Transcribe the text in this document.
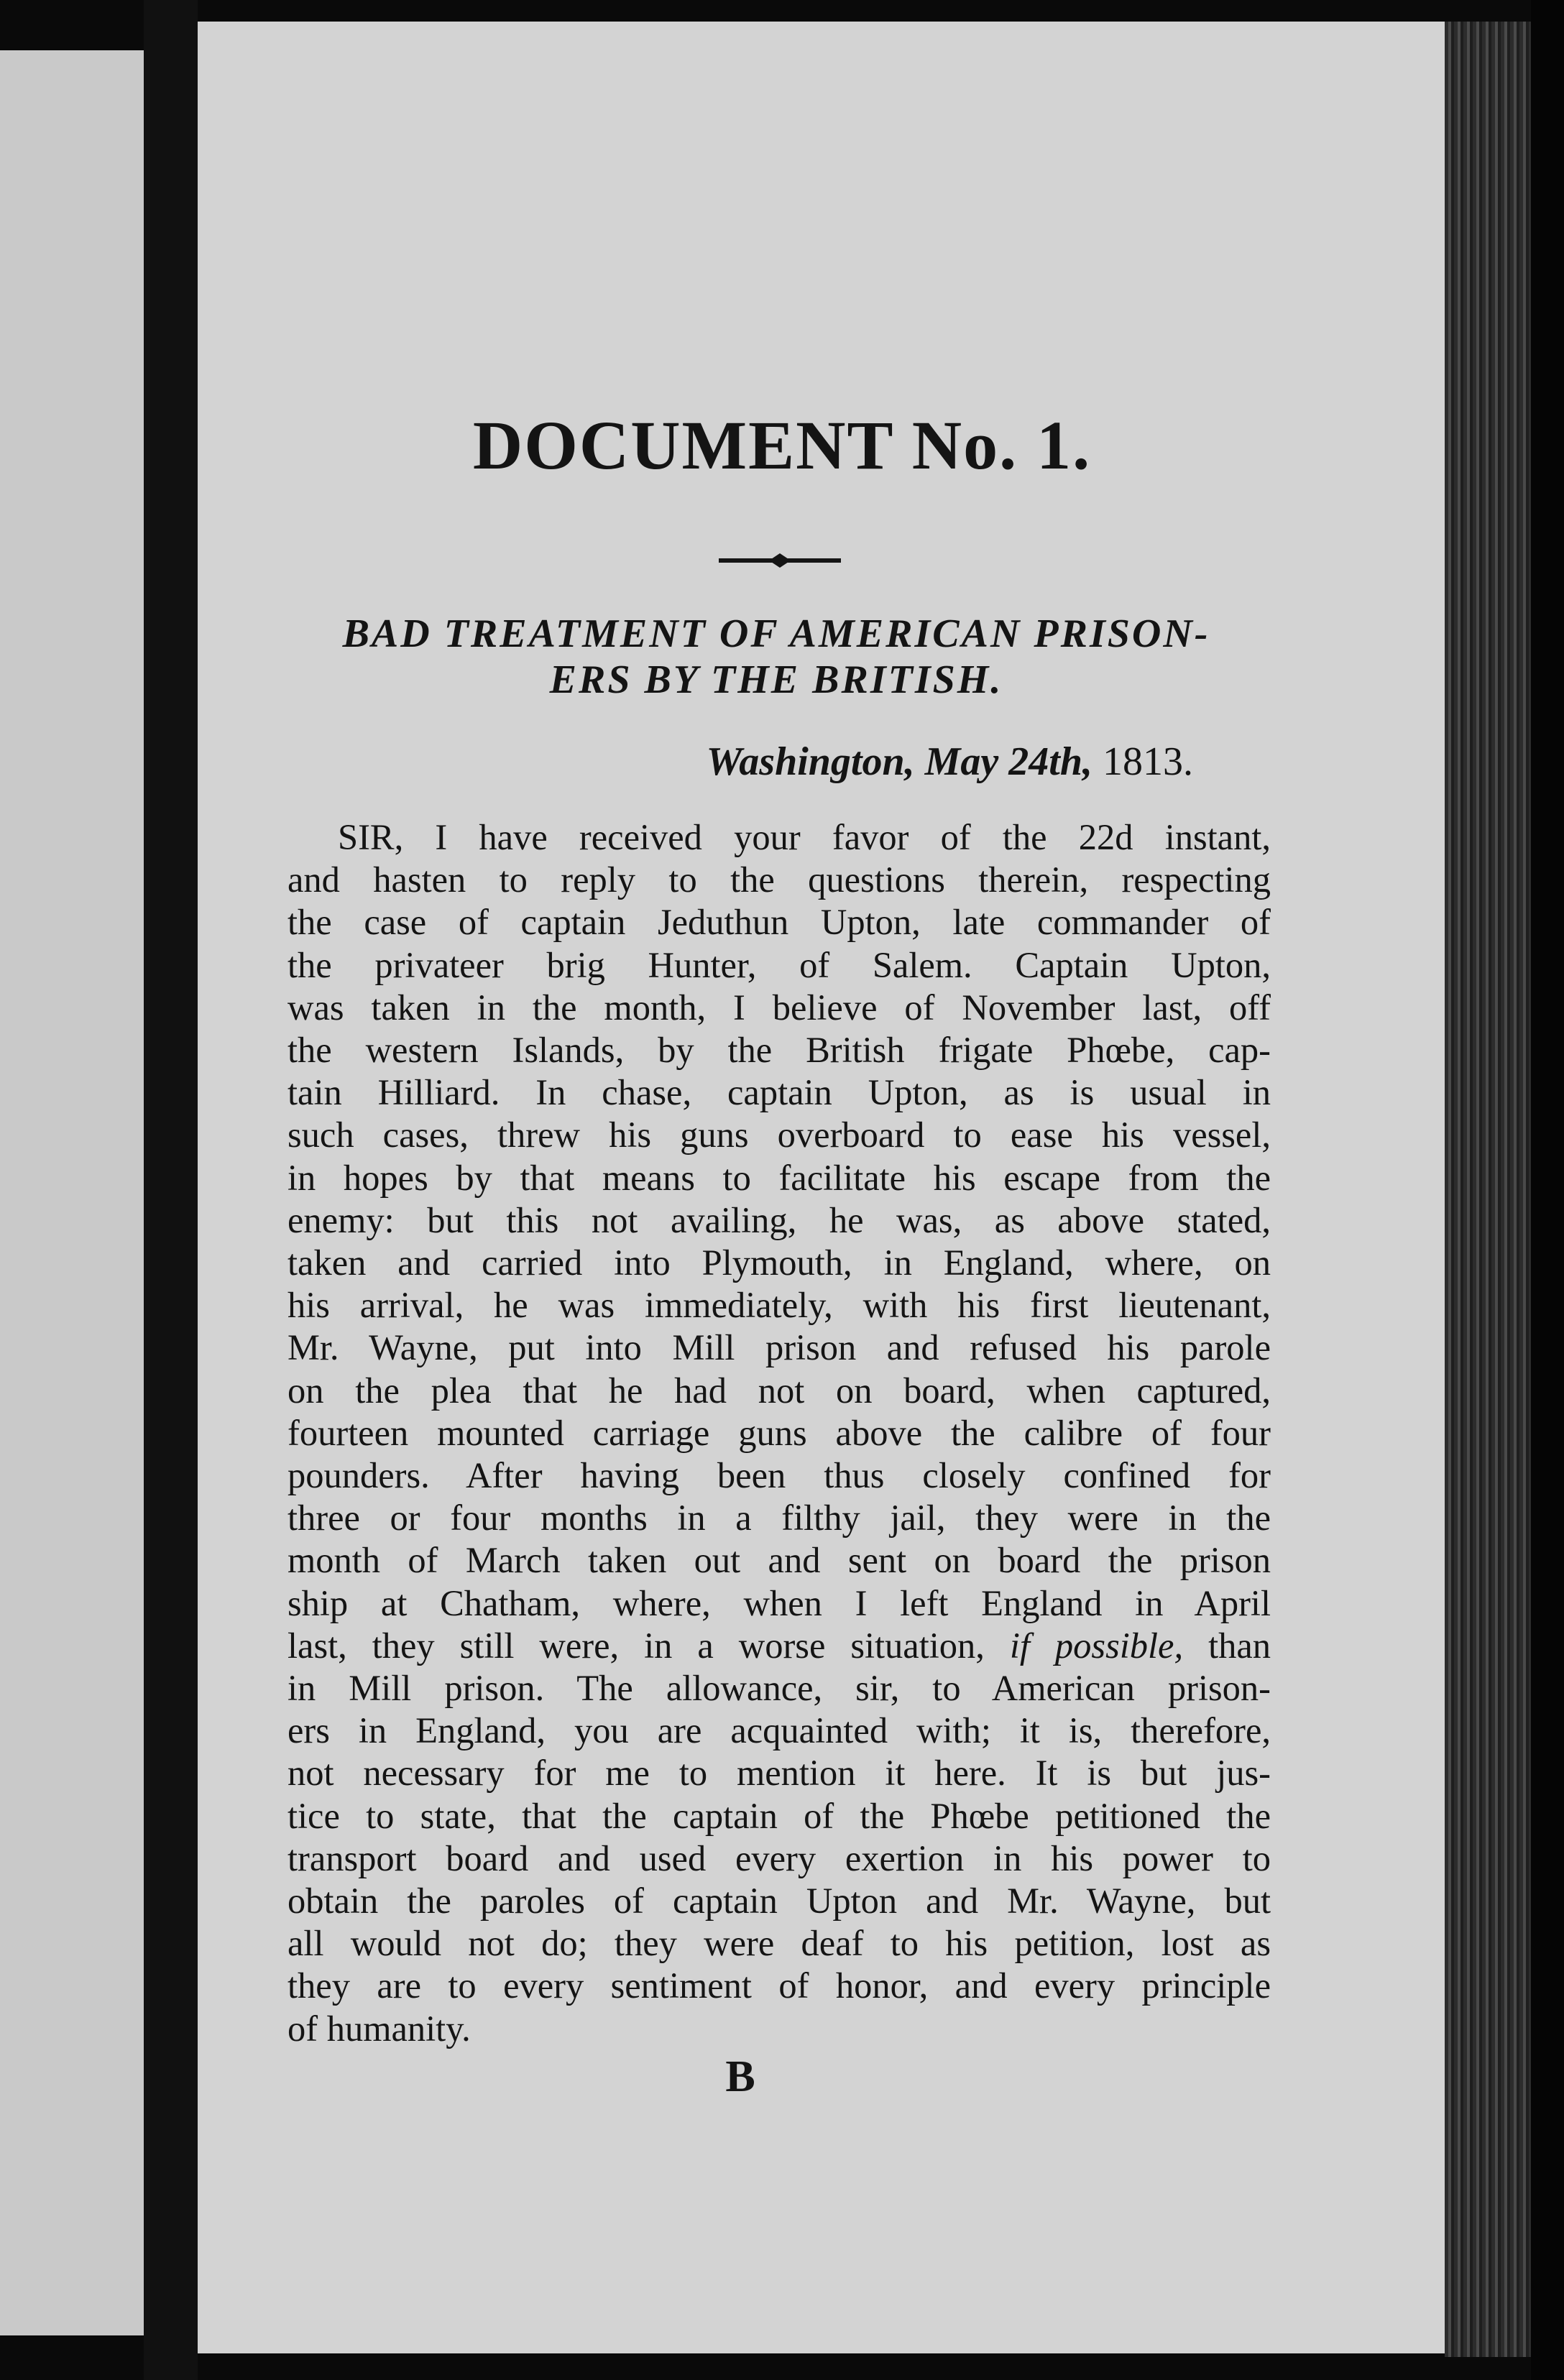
DOCUMENT No. 1.
BAD TREATMENT OF AMERICAN PRISON-
ERS BY THE BRITISH.
Washington, May 24th, 1813.
SIR, I have received your favor of the 22d instant,
and hasten to reply to the questions therein, respecting
the case of captain Jeduthun Upton, late commander of
the privateer brig Hunter, of Salem. Captain Upton,
was taken in the month, I believe of November last, off
the western Islands, by the British frigate Phœbe, cap-
tain Hilliard. In chase, captain Upton, as is usual in
such cases, threw his guns overboard to ease his vessel,
in hopes by that means to facilitate his escape from the
enemy: but this not availing, he was, as above stated,
taken and carried into Plymouth, in England, where, on
his arrival, he was immediately, with his first lieutenant,
Mr. Wayne, put into Mill prison and refused his parole
on the plea that he had not on board, when captured,
fourteen mounted carriage guns above the calibre of four
pounders. After having been thus closely confined for
three or four months in a filthy jail, they were in the
month of March taken out and sent on board the prison
ship at Chatham, where, when I left England in April
last, they still were, in a worse situation, if possible, than
in Mill prison. The allowance, sir, to American prison-
ers in England, you are acquainted with; it is, therefore,
not necessary for me to mention it here. It is but jus-
tice to state, that the captain of the Phœbe petitioned the
transport board and used every exertion in his power to
obtain the paroles of captain Upton and Mr. Wayne, but
all would not do; they were deaf to his petition, lost as
they are to every sentiment of honor, and every principle
of humanity.
B
